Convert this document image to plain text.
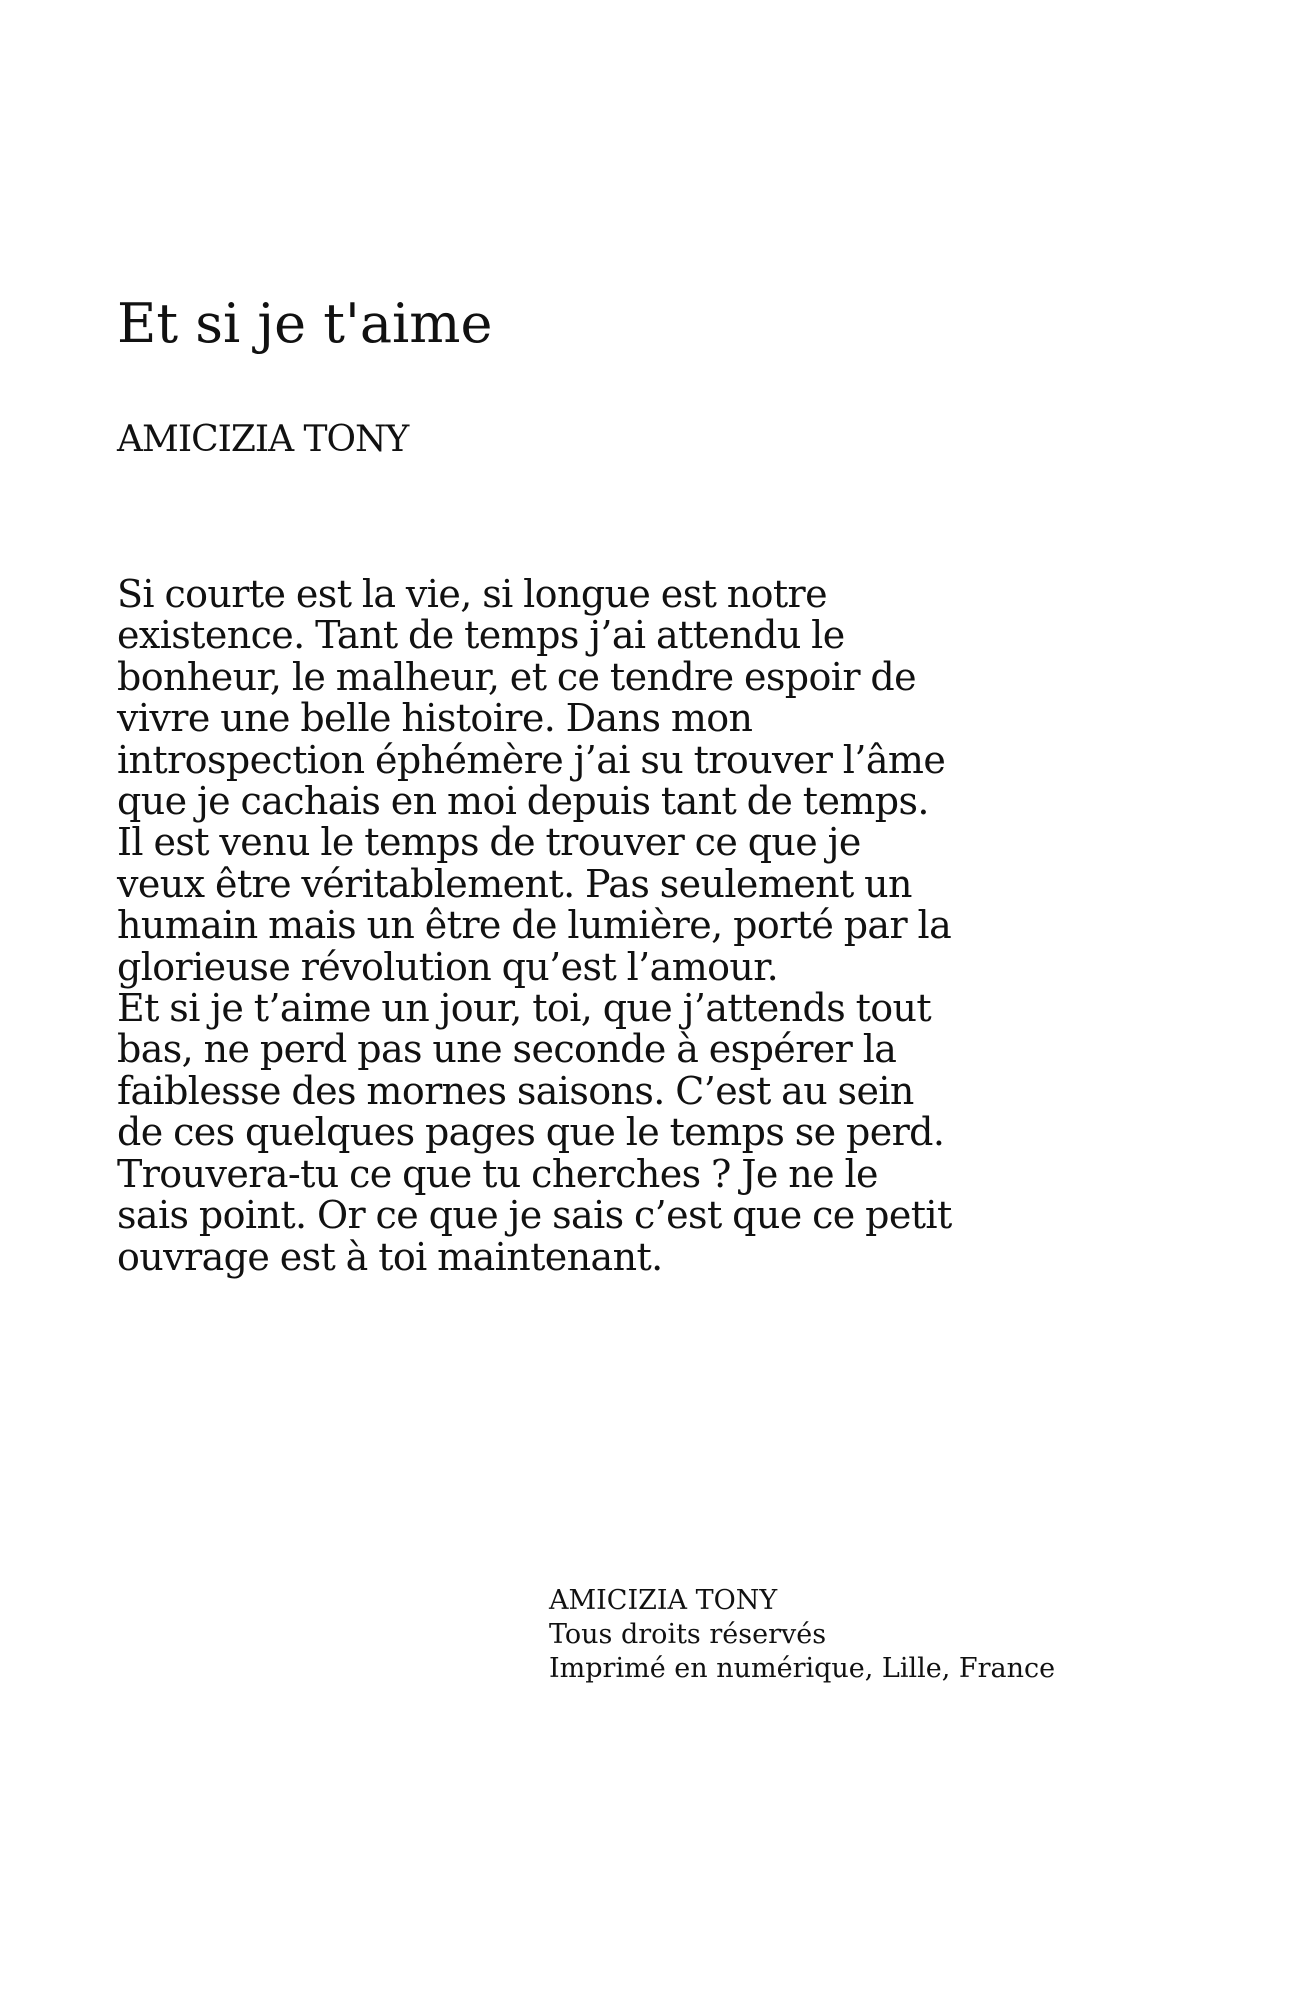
Et si je t'aime
AMICIZIA TONY

Si courte est la vie, si longue est notre existence. Tant de temps j’ai attendu le bonheur, le malheur, et ce tendre espoir de vivre une belle histoire. Dans mon introspection éphémère j’ai su trouver l’âme que je cachais en moi depuis tant de temps. Il est venu le temps de trouver ce que je veux être véritablement. Pas seulement un humain mais un être de lumière, porté par la glorieuse révolution qu’est l’amour.

Et si je t’aime un jour, toi, que j’attends tout bas, ne perd pas une seconde à espérer la faiblesse des mornes saisons. C’est au sein de ces quelques pages que le temps se perd. Trouvera-tu ce que tu cherches ? Je ne le sais point. Or ce que je sais c’est que ce petit ouvrage est à toi maintenant.

AMICIZIA TONY
Tous droits réservés
Imprimé en numérique, Lille, France
